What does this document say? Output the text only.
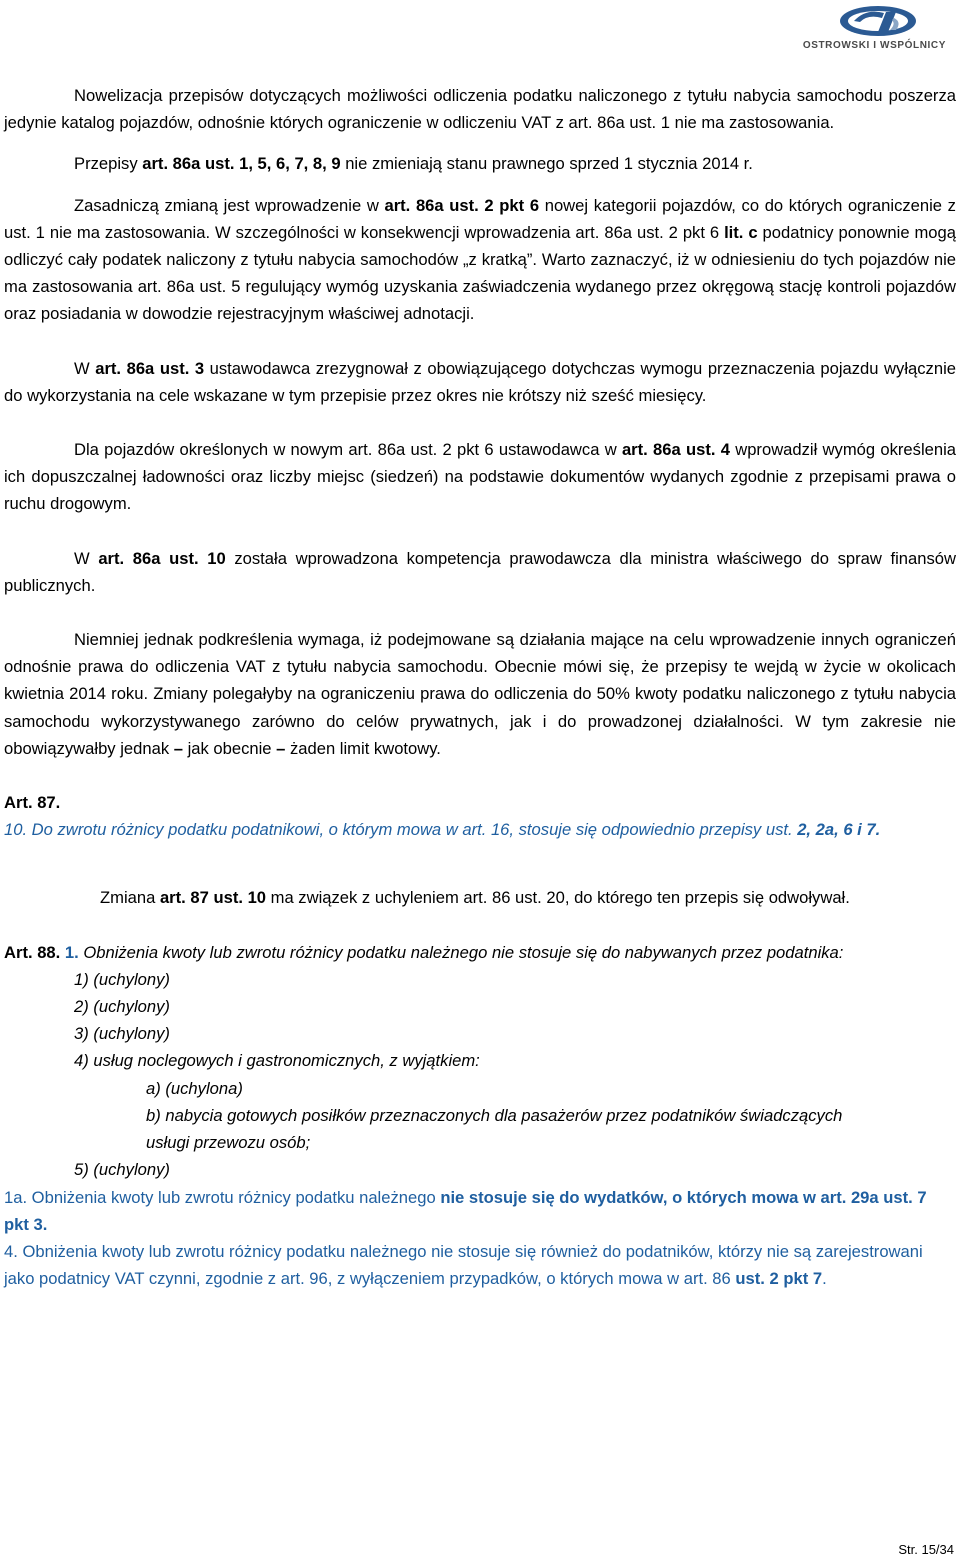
OSTROWSKI I WSPÓLNICY

Nowelizacja przepisów dotyczących możliwości odliczenia podatku naliczonego z tytułu nabycia samochodu poszerza jedynie katalog pojazdów, odnośnie których ograniczenie w odliczeniu VAT z art. 86a ust. 1 nie ma zastosowania.

Przepisy art. 86a ust. 1, 5, 6, 7, 8, 9 nie zmieniają stanu prawnego sprzed 1 stycznia 2014 r.

Zasadniczą zmianą jest wprowadzenie w art. 86a ust. 2 pkt 6 nowej kategorii pojazdów, co do których ograniczenie z ust. 1 nie ma zastosowania. W szczególności w konsekwencji wprowadzenia art. 86a ust. 2 pkt 6 lit. c podatnicy ponownie mogą odliczyć cały podatek naliczony z tytułu nabycia samochodów „z kratką”. Warto zaznaczyć, iż w odniesieniu do tych pojazdów nie ma zastosowania art. 86a ust. 5 regulujący wymóg uzyskania zaświadczenia wydanego przez okręgową stację kontroli pojazdów oraz posiadania w dowodzie rejestracyjnym właściwej adnotacji.

W art. 86a ust. 3 ustawodawca zrezygnował z obowiązującego dotychczas wymogu przeznaczenia pojazdu wyłącznie do wykorzystania na cele wskazane w tym przepisie przez okres nie krótszy niż sześć miesięcy.

Dla pojazdów określonych w nowym art. 86a ust. 2 pkt 6 ustawodawca w art. 86a ust. 4 wprowadził wymóg określenia ich dopuszczalnej ładowności oraz liczby miejsc (siedzeń) na podstawie dokumentów wydanych zgodnie z przepisami prawa o ruchu drogowym.

W art. 86a ust. 10 została wprowadzona kompetencja prawodawcza dla ministra właściwego do spraw finansów publicznych.

Niemniej jednak podkreślenia wymaga, iż podejmowane są działania mające na celu wprowadzenie innych ograniczeń odnośnie prawa do odliczenia VAT z tytułu nabycia samochodu. Obecnie mówi się, że przepisy te wejdą w życie w okolicach kwietnia 2014 roku. Zmiany polegałyby na ograniczeniu prawa do odliczenia do 50% kwoty podatku naliczonego z tytułu nabycia samochodu wykorzystywanego zarówno do celów prywatnych, jak i do prowadzonej działalności. W tym zakresie nie obowiązywałby jednak – jak obecnie – żaden limit kwotowy.

Art. 87.

10. Do zwrotu różnicy podatku podatnikowi, o którym mowa w art. 16, stosuje się odpowiednio przepisy ust. 2, 2a, 6 i 7.

Zmiana art. 87 ust. 10 ma związek z uchyleniem art. 86 ust. 20, do którego ten przepis się odwoływał.

Art. 88. 1. Obniżenia kwoty lub zwrotu różnicy podatku należnego nie stosuje się do nabywanych przez podatnika:

1) (uchylony)

2) (uchylony)

3) (uchylony)

4) usług noclegowych i gastronomicznych, z wyjątkiem:

a) (uchylona)

b) nabycia gotowych posiłków przeznaczonych dla pasażerów przez podatników świadczących usługi przewozu osób;

5) (uchylony)

1a. Obniżenia kwoty lub zwrotu różnicy podatku należnego nie stosuje się do wydatków, o których mowa w art. 29a ust. 7 pkt 3.

4. Obniżenia kwoty lub zwrotu różnicy podatku należnego nie stosuje się również do podatników, którzy nie są zarejestrowani jako podatnicy VAT czynni, zgodnie z art. 96, z wyłączeniem przypadków, o których mowa w art. 86 ust. 2 pkt 7.

Str. 15/34
